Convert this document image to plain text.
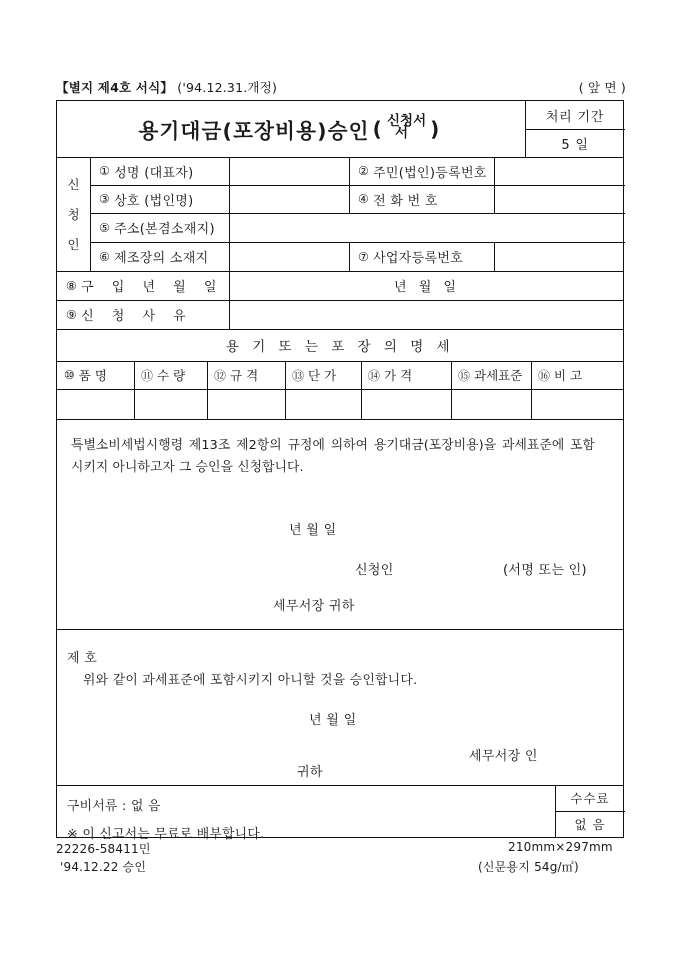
【별지 제4호 서식】 ('94.12.31.개정)	( 앞 면 )
용기대금(포장비용)승인 ( 신청서
서 )	처리 기간
5 일
신
청
인
① 성명 (대표자)	② 주민(법인)등록번호
③ 상호 (법인명)	④ 전 화 번 호
⑤ 주소(본겸소재지)
⑥ 제조장의 소재지	⑦ 사업자등록번호
⑧ 구 입 년 월 일	년 월 일
⑨ 신 청 사 유
용 기 또 는 포 장 의 명 세
⑩ 품 명	⑪ 수 량 ⑫ 규 격	⑬ 단 가	⑭ 가 격	⑮ 과세표준 ⑯ 비 고
특별소비세법시행령 제13조 제2항의 규정에 의하여 용기대금(포장비용)을 과세표준에 포함시키지 아니하고자 그 승인을 신청합니다.
년 월 일
신청인	(서명 또는 인)
세무서장 귀하
제 호
위와 같이 과세표준에 포함시키지 아니할 것을 승인합니다.
년 월 일
세무서장 인
귀하
구비서류 : 없 음
※ 이 신고서는 무료로 배부합니다.
수수료
없 음
22226-58411민
'94.12.22 승인
210mm×297mm
(신문용지 54g/㎡)
